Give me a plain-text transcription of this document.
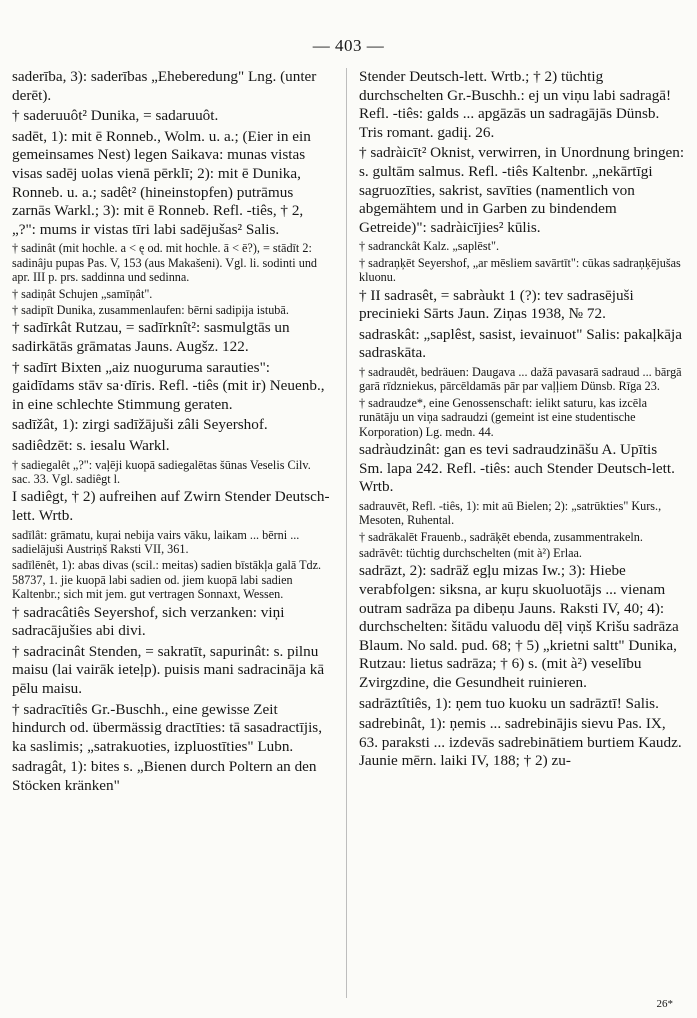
— 403 —

saderība, 3): saderības „Eheberedung" Lng. (unter derēt).

† saderuuôt² Dunika, = sadaruuôt.

sadēt, 1): mit ē Ronneb., Wolm. u. a.; (Eier in ein gemeinsames Nest) legen Saikava: munas vistas visas sadēj uolas vienā pērklī; 2): mit ē Dunika, Ronneb. u. a.; sadêt² (hineinstopfen) putrāmus zarnās Warkl.; 3): mit ē Ronneb. Refl. -tiês, † 2, „?": mums ir vistas tīri labi sadējušas² Salis.

† sadinât (mit hochle. a < ę od. mit hochle. ā < ē?), = stādīt 2: sadinâju pupas Pas. V, 153 (aus Makašeni). Vgl. li. sodinti und apr. III p. prs. saddinna und sedinna.

† sadiņât Schujen „samīņât".

† sadipīt Dunika, zusammenlaufen: bērni sadipija istubā.

† sadīrkât Rutzau, = sadīrknît²: sasmulgtās un sadirkātās grāmatas Jauns. Augšz. 122.

† sadīrt Bixten „aiz nuoguruma sarauties": gaidīdams stāv sa·dīris. Refl. -tiês (mit ir) Neuenb., in eine schlechte Stimmung geraten.

sadīžât, 1): zirgi sadīžājuši zâli Seyershof.

sadiêdzēt: s. iesalu Warkl.

† sadiegalêt „?": vaļēji kuopā sadiegalētas šūnas Veselis Cilv. sac. 33. Vgl. sadiêgt l.

I sadiêgt, † 2) aufreihen auf Zwirn Stender Deutsch-lett. Wrtb.

sadīlât: grāmatu, kuŗai nebija vairs vāku, laikam ... bērni ... sadielājuši Austriņš Raksti VII, 361.

sadīlēnêt, 1): abas divas (scil.: meitas) sadien bīstākļa galā Tdz. 58737, 1. jie kuopā labi sadien od. jiem kuopā labi sadien Kaltenbr.; sich mit jem. gut vertragen Sonnaxt, Wessen.

† sadracâtiês Seyershof, sich verzanken: viņi sadracājušies abi divi.

† sadracinât Stenden, = sakratīt, sapurinât: s. pilnu maisu (lai vairāk ieteļp). puisis mani sadracināja kā pēlu maisu.

† sadracītiês Gr.-Buschh., eine gewisse Zeit hindurch od. übermässig dractīties: tā sasadractījis, ka saslimis; „satrakuoties, izpluostīties" Lubn.

sadragât, 1): bites s. „Bienen durch Poltern an den Stöcken kränken"

Stender Deutsch-lett. Wrtb.; † 2) tüchtig durchschelten Gr.-Buschh.: ej un viņu labi sadragā! Refl. -tiês: galds ... apgāzās un sadragājās Dünsb. Tris romant. gadiį. 26.

† sadràicīt² Oknist, verwirren, in Unordnung bringen: s. gultām salmus. Refl. -tiês Kaltenbr. „nekārtīgi sagruozīties, sakrist, savīties (namentlich von abgemähtem und in Garben zu bindendem Getreide)": sadràicījies² kūlis.

† sadranckât Kalz. „saplēst".

† sadraņķēt Seyershof, „ar mēsliem savārtīt": cūkas sadraņķējušas kluonu.

† II sadrasêt, = sabràukt 1 (?): tev sadrasējuši precinieki Sārts Jaun. Ziņas 1938, № 72.

sadraskât: „saplêst, sasist, ievainuot" Salis: pakaļkāja sadraskāta.

† sadraudêt, bedräuen: Daugava ... dažā pavasarā sadraud ... bārgā garā rīdzniekus, pārcēldamās pār par vaļļiem Dünsb. Rīga 23.

† sadraudze*, eine Genossenschaft: ielikt saturu, kas izcēla runātāju un viņa sadraudzi (gemeint ist eine studentische Korporation) Lg. medn. 44.

sadràudzinât: gan es tevi sadraudzināšu A. Upītis Sm. lapa 242. Refl. -tiês: auch Stender Deutsch-lett. Wrtb.

sadrauvēt, Refl. -tiês, 1): mit aū Bielen; 2): „satrūkties" Kurs., Mesoten, Ruhental.

† sadrākalēt Frauenb., sadrāķēt ebenda, zusammentrakeln.

sadrāvêt: tüchtig durchschelten (mit à²) Erlaa.

sadrāzt, 2): sadrāž egļu mizas Iw.; 3): Hiebe verabfolgen: siksna, ar kuŗu skuoluotājs ... vienam outram sadrāza pa dibeņu Jauns. Raksti IV, 40; 4): durchschelten: šitādu valuodu dēļ viņš Krišu sadrāza Blaum. No sald. pud. 68; † 5) „krietni saltt" Dunika, Rutzau: lietus sadrāza; † 6) s. (mit à²) veselību Zvirgzdine, die Gesundheit ruinieren.

sadrāztîtiês, 1): ņem tuo kuoku un sadrāztī! Salis.

sadrebinât, 1): ņemis ... sadrebinājis sievu Pas. IX, 63. paraksti ... izdevās sadrebinātiem burtiem Kaudz. Jaunie mērn. laiki IV, 188; † 2) zu-

26*
